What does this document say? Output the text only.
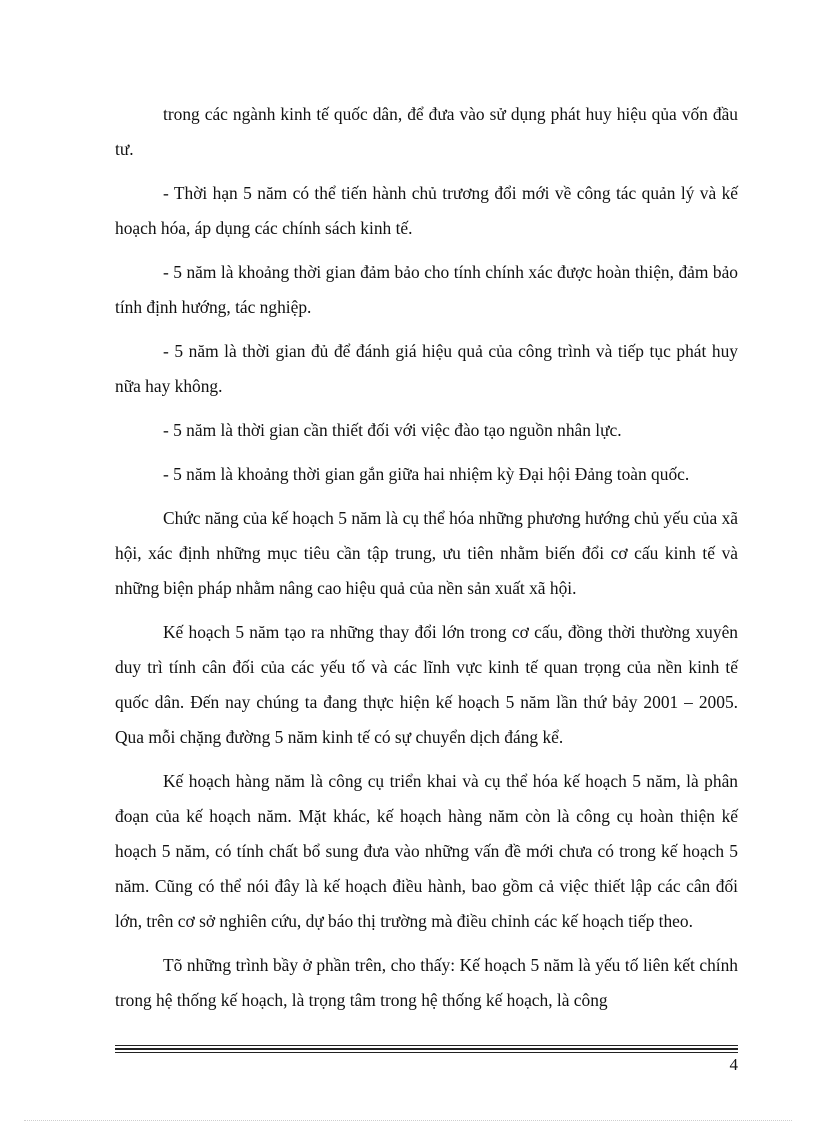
trong các ngành kinh tế quốc dân, để đưa vào sử dụng phát huy hiệu qủa vốn đầu tư.

- Thời hạn 5 năm có thể tiến hành chủ trương đổi mới về công tác quản lý và kế hoạch hóa, áp dụng các chính sách kinh tế.

- 5 năm là khoảng thời gian đảm bảo cho tính chính xác được hoàn thiện, đảm bảo tính định hướng, tác nghiệp.

- 5 năm là thời gian đủ để đánh giá hiệu quả của công trình và tiếp tục phát huy nữa hay không.

- 5 năm là thời gian cần thiết đối với việc đào tạo nguồn nhân lực.

- 5 năm là khoảng thời gian gắn giữa hai nhiệm kỳ Đại hội Đảng toàn quốc.

Chức năng của kế hoạch 5 năm là cụ thể hóa những phương hướng chủ yếu của xã hội, xác định những mục tiêu cần tập trung, ưu tiên nhằm biến đổi cơ cấu kinh tế và những biện pháp nhằm nâng cao hiệu quả của nền sản xuất xã hội.

Kế hoạch 5 năm tạo ra những thay đổi lớn trong cơ cấu, đồng thời thường xuyên duy trì tính cân đối của các yếu tố và các lĩnh vực kinh tế quan trọng của nền kinh tế quốc dân. Đến nay chúng ta đang thực hiện kế hoạch 5 năm lần thứ bảy 2001 – 2005. Qua mỗi chặng đường 5 năm kinh tế có sự chuyển dịch đáng kể.

Kế hoạch hàng năm là công cụ triển khai và cụ thể hóa kế hoạch 5 năm, là phân đoạn của kế hoạch năm. Mặt khác, kế hoạch hàng năm còn là công cụ hoàn thiện kế hoạch 5 năm, có tính chất bổ sung đưa vào những vấn đề mới chưa có trong kế hoạch 5 năm. Cũng có thể nói đây là kế hoạch điều hành, bao gồm cả việc thiết lập các cân đối lớn, trên cơ sở nghiên cứu, dự báo thị trường mà điều chỉnh các kế hoạch tiếp theo.

Tõ những trình bầy ở phần trên, cho thấy: Kế hoạch 5 năm là yếu tố liên kết chính trong hệ thống kế hoạch, là trọng tâm trong hệ thống kế hoạch, là công

4
